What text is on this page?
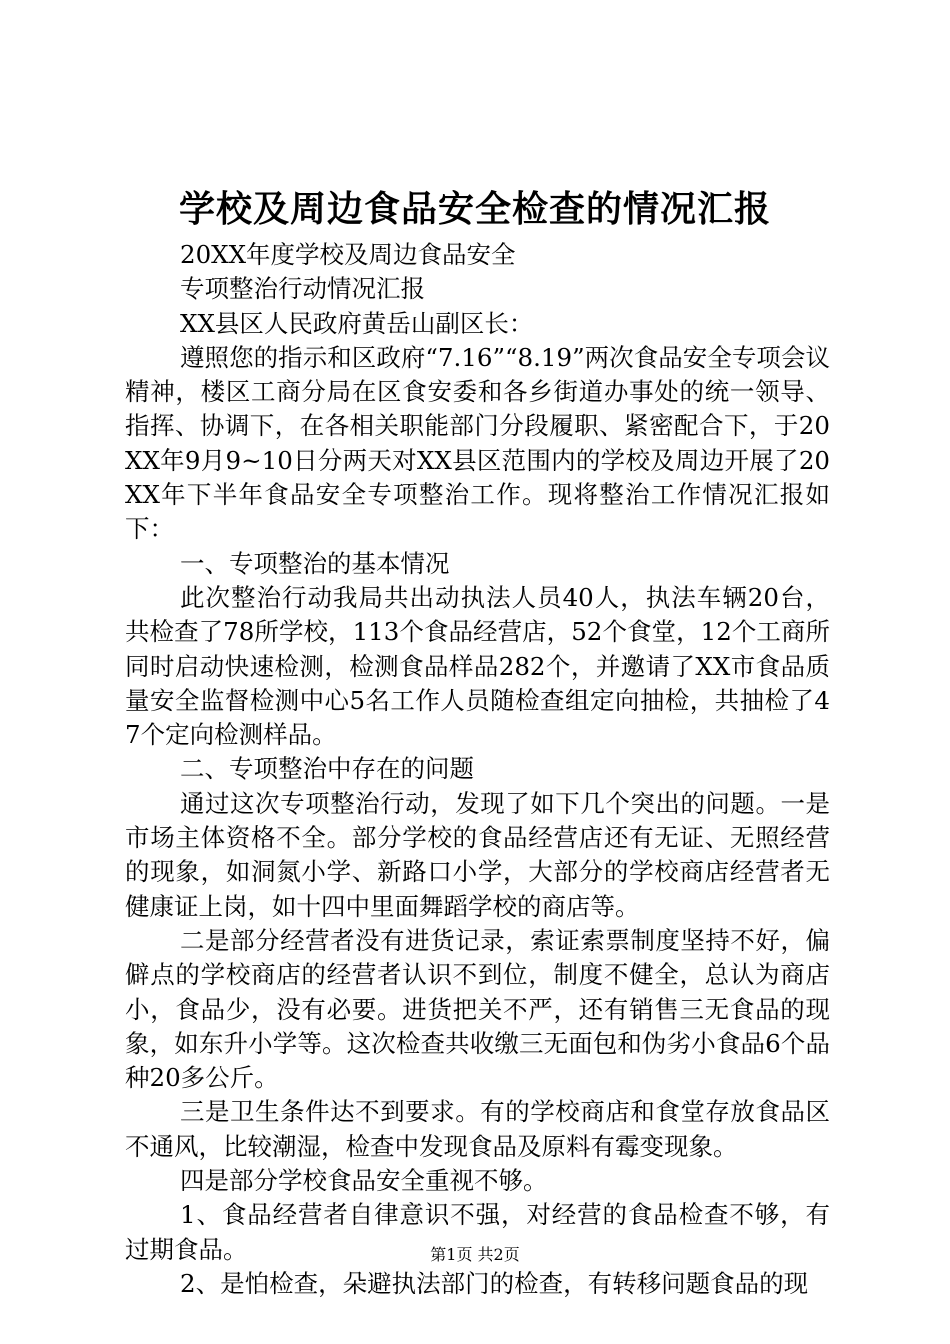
学校及周边食品安全检查的情况汇报

20XX年度学校及周边食品安全

专项整治行动情况汇报

XX县区人民政府黄岳山副区长：

遵照您的指示和区政府“7.16”“8.19”两次食品安全专项会议精神，楼区工商分局在区食安委和各乡街道办事处的统一领导、指挥、协调下，在各相关职能部门分段履职、紧密配合下，于20XX年9月9~10日分两天对XX县区范围内的学校及周边开展了20XX年下半年食品安全专项整治工作。现将整治工作情况汇报如下：

一、专项整治的基本情况

此次整治行动我局共出动执法人员40人，执法车辆20台，共检查了78所学校，113个食品经营店，52个食堂，12个工商所同时启动快速检测，检测食品样品282个，并邀请了XX市食品质量安全监督检测中心5名工作人员随检查组定向抽检，共抽检了47个定向检测样品。

二、专项整治中存在的问题

通过这次专项整治行动，发现了如下几个突出的问题。一是市场主体资格不全。部分学校的食品经营店还有无证、无照经营的现象，如洞氮小学、新路口小学，大部分的学校商店经营者无健康证上岗，如十四中里面舞蹈学校的商店等。

二是部分经营者没有进货记录，索证索票制度坚持不好，偏僻点的学校商店的经营者认识不到位，制度不健全，总认为商店小，食品少，没有必要。进货把关不严，还有销售三无食品的现象，如东升小学等。这次检查共收缴三无面包和伪劣小食品6个品种20多公斤。

三是卫生条件达不到要求。有的学校商店和食堂存放食品区不通风，比较潮湿，检查中发现食品及原料有霉变现象。

四是部分学校食品安全重视不够。

1、食品经营者自律意识不强，对经营的食品检查不够，有过期食品。

2、是怕检查，朵避执法部门的检查，有转移问题食品的现

第1页 共2页
